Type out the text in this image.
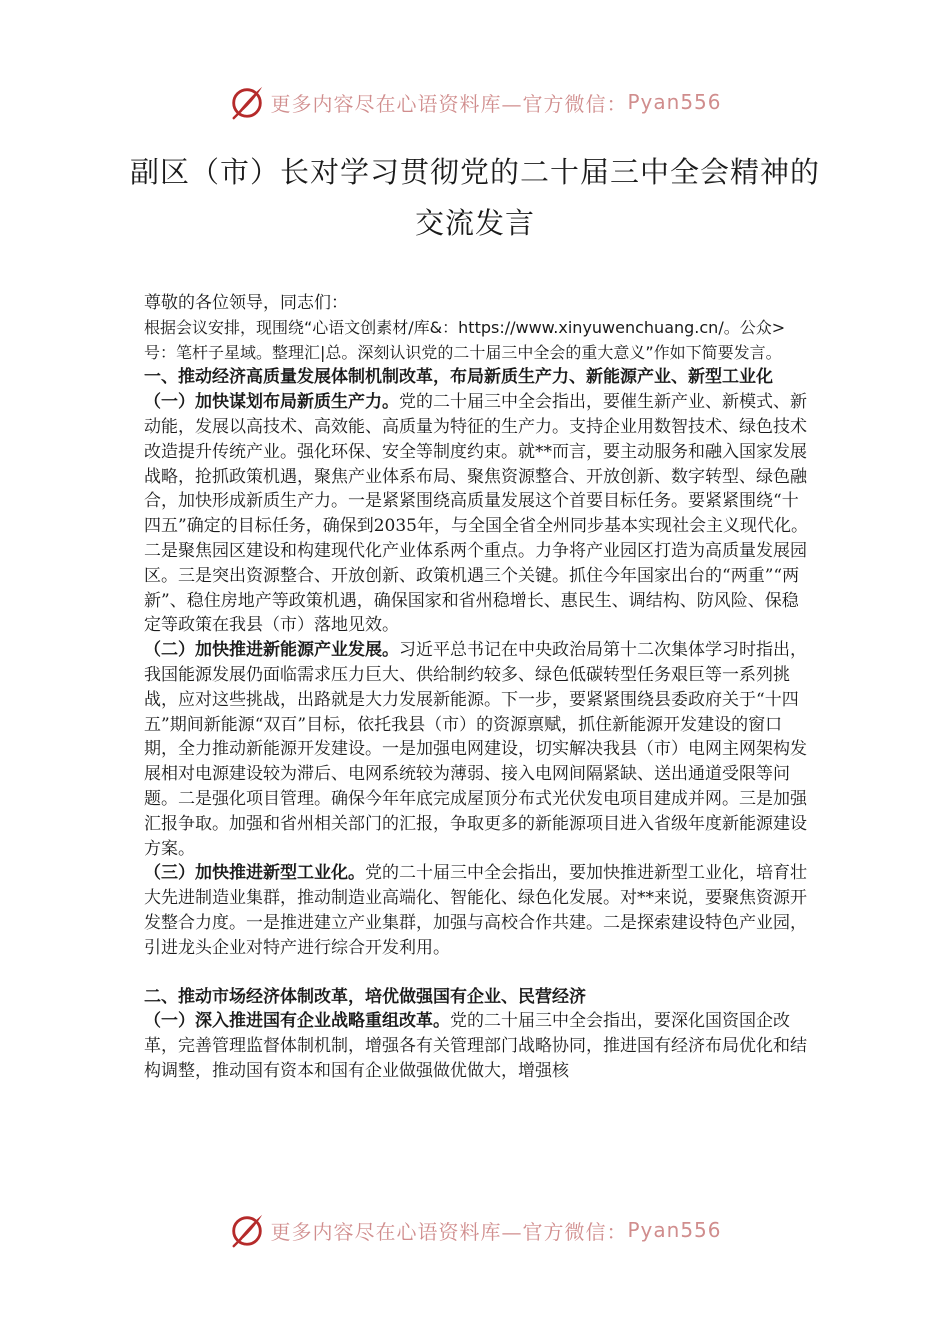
更多内容尽在心语资料库—官方微信： Pyan556
副区（市）长对学习贯彻党的二十届三中全会精神的
交流发言

尊敬的各位领导，同志们：

根据会议安排，现围绕“心语文创素材/库&：https://www.xinyuwenchuang.cn/。公众>号：笔杆子星域。整理汇|总。深刻认识党的二十届三中全会的重大意义”作如下简要发言。

一、推动经济高质量发展体制机制改革，布局新质生产力、新能源产业、新型工业化

（一）加快谋划布局新质生产力。党的二十届三中全会指出，要催生新产业、新模式、新动能，发展以高技术、高效能、高质量为特征的生产力。支持企业用数智技术、绿色技术改造提升传统产业。强化环保、安全等制度约束。就**而言，要主动服务和融入国家发展战略，抢抓政策机遇，聚焦产业体系布局、聚焦资源整合、开放创新、数字转型、绿色融合，加快形成新质生产力。一是紧紧围绕高质量发展这个首要目标任务。要紧紧围绕“十四五”确定的目标任务，确保到2035年，与全国全省全州同步基本实现社会主义现代化。二是聚焦园区建设和构建现代化产业体系两个重点。力争将产业园区打造为高质量发展园区。三是突出资源整合、开放创新、政策机遇三个关键。抓住今年国家出台的“两重”“两新”、稳住房地产等政策机遇，确保国家和省州稳增长、惠民生、调结构、防风险、保稳定等政策在我县（市）落地见效。

（二）加快推进新能源产业发展。习近平总书记在中央政治局第十二次集体学习时指出，我国能源发展仍面临需求压力巨大、供给制约较多、绿色低碳转型任务艰巨等一系列挑战，应对这些挑战，出路就是大力发展新能源。下一步，要紧紧围绕县委政府关于“十四五”期间新能源“双百”目标，依托我县（市）的资源禀赋，抓住新能源开发建设的窗口期，全力推动新能源开发建设。一是加强电网建设，切实解决我县（市）电网主网架构发展相对电源建设较为滞后、电网系统较为薄弱、接入电网间隔紧缺、送出通道受限等问题。二是强化项目管理。确保今年年底完成屋顶分布式光伏发电项目建成并网。三是加强汇报争取。加强和省州相关部门的汇报，争取更多的新能源项目进入省级年度新能源建设方案。

（三）加快推进新型工业化。党的二十届三中全会指出，要加快推进新型工业化，培育壮大先进制造业集群，推动制造业高端化、智能化、绿色化发展。对**来说，要聚焦资源开发整合力度。一是推进建立产业集群，加强与高校合作共建。二是探索建设特色产业园，引进龙头企业对特产进行综合开发利用。

二、推动市场经济体制改革，培优做强国有企业、民营经济

（一）深入推进国有企业战略重组改革。党的二十届三中全会指出，要深化国资国企改革，完善管理监督体制机制，增强各有关管理部门战略协同，推进国有经济布局优化和结构调整，推动国有资本和国有企业做强做优做大，增强核

更多内容尽在心语资料库—官方微信： Pyan556
